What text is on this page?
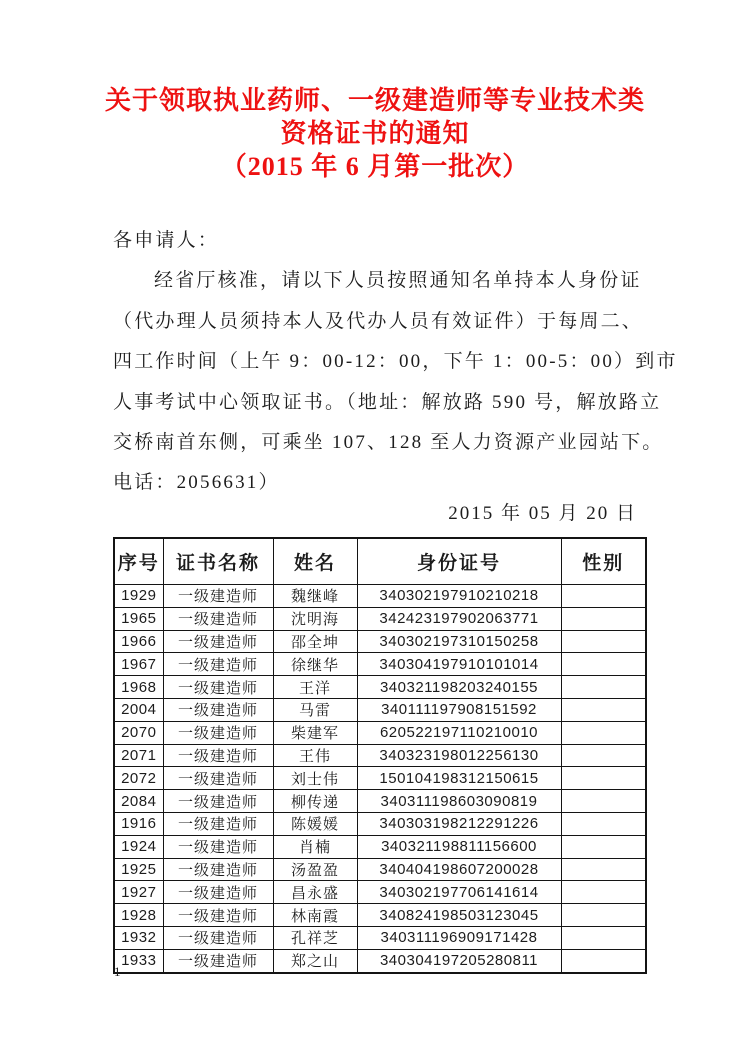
关于领取执业药师、一级建造师等专业技术类
资格证书的通知
（2015 年 6 月第一批次）
各申请人：
经省厅核准，请以下人员按照通知名单持本人身份证
（代办理人员须持本人及代办人员有效证件）于每周二、
四工作时间（上午 9：00-12：00，下午 1：00-5：00）到市
人事考试中心领取证书。（地址：解放路 590 号，解放路立
交桥南首东侧，可乘坐 107、128 至人力资源产业园站下。
电话：2056631）
2015 年 05 月 20 日
序号	证书名称	姓名	身份证号	性别
1929	一级建造师	魏继峰	340302197910210218	
1965	一级建造师	沈明海	342423197902063771	
1966	一级建造师	邵全坤	340302197310150258	
1967	一级建造师	徐继华	340304197910101014	
1968	一级建造师	王洋	340321198203240155	
2004	一级建造师	马雷	340111197908151592	
2070	一级建造师	柴建军	620522197110210010	
2071	一级建造师	王伟	340323198012256130	
2072	一级建造师	刘士伟	150104198312150615	
2084	一级建造师	柳传递	340311198603090819	
1916	一级建造师	陈媛媛	340303198212291226	
1924	一级建造师	肖楠	340321198811156600	
1925	一级建造师	汤盈盈	340404198607200028	
1927	一级建造师	昌永盛	340302197706141614	
1928	一级建造师	林南霞	340824198503123045	
1932	一级建造师	孔祥芝	340311196909171428	
1933	一级建造师	郑之山	340304197205280811	
1
